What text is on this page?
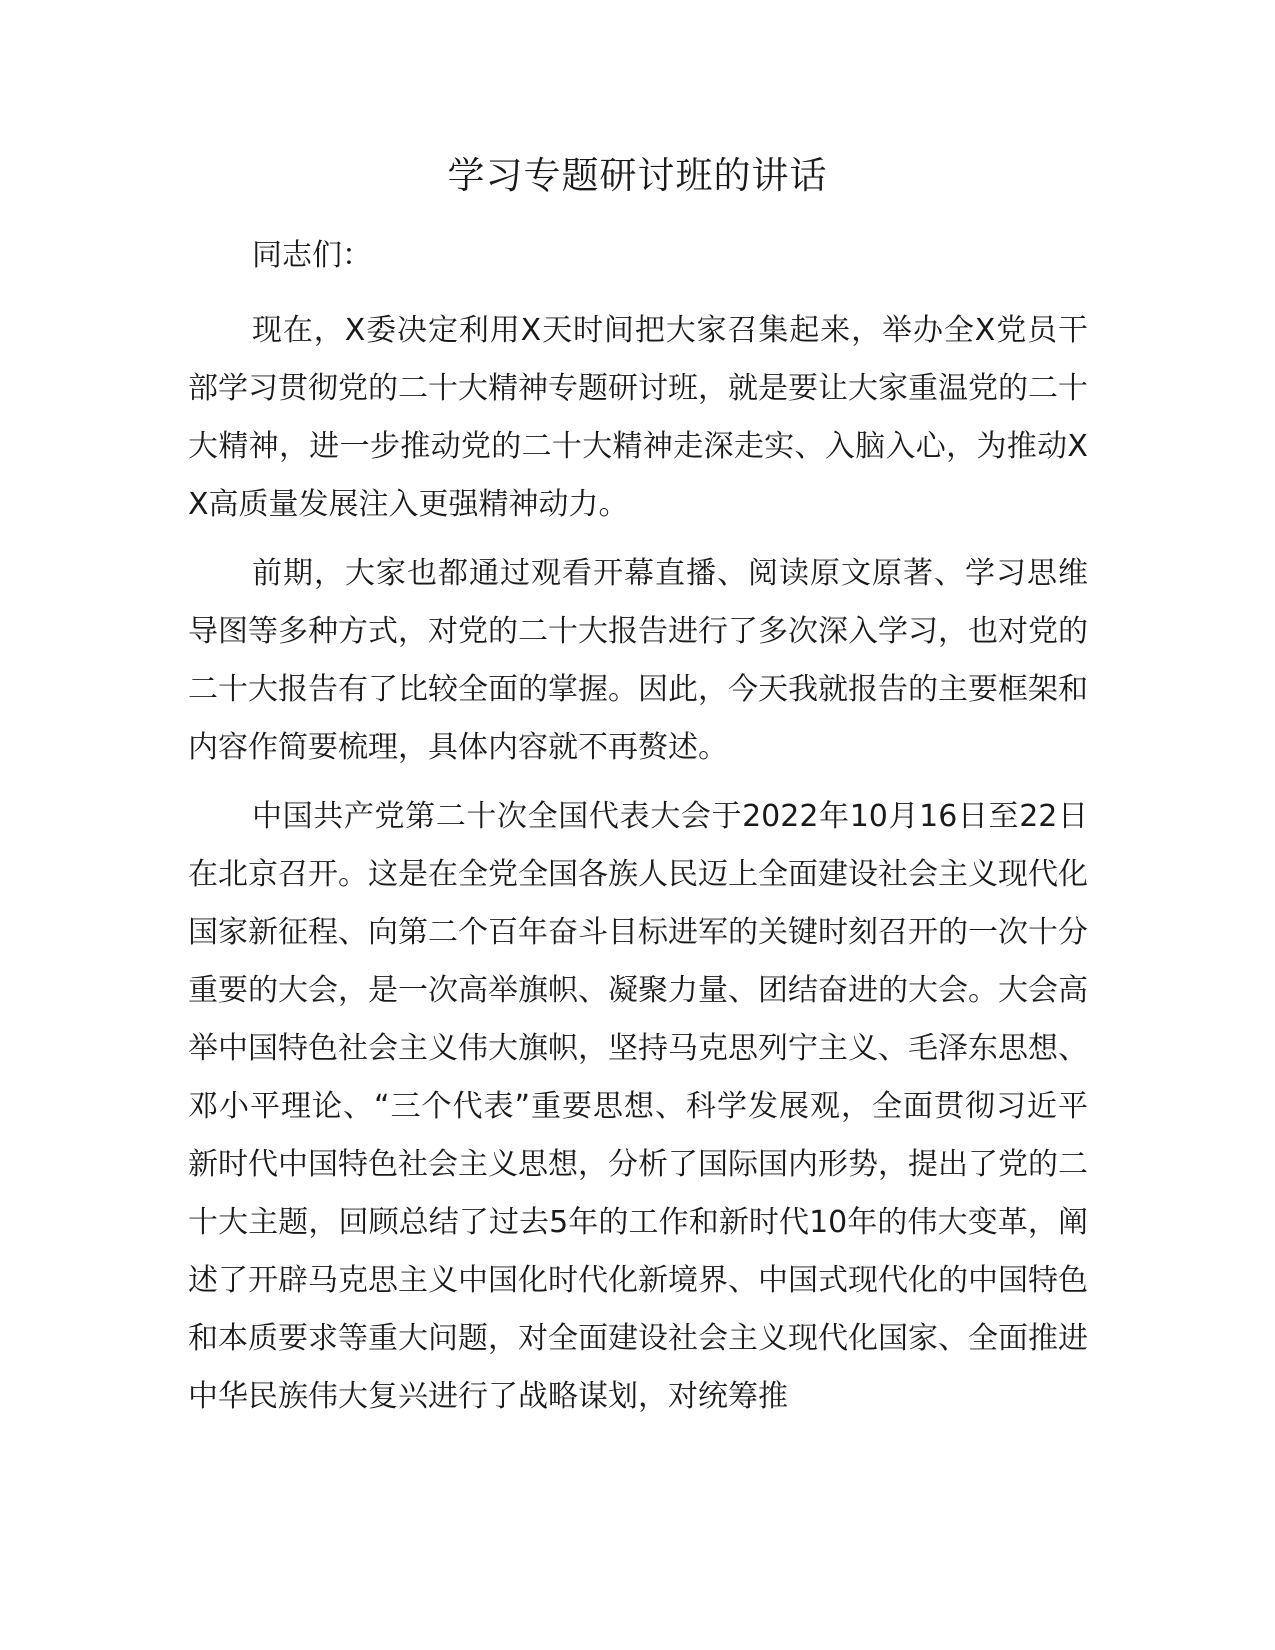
学习专题研讨班的讲话

同志们：

现在，X委决定利用X天时间把大家召集起来，举办全X党员干部学习贯彻党的二十大精神专题研讨班，就是要让大家重温党的二十大精神，进一步推动党的二十大精神走深走实、入脑入心，为推动XX高质量发展注入更强精神动力。

前期，大家也都通过观看开幕直播、阅读原文原著、学习思维导图等多种方式，对党的二十大报告进行了多次深入学习，也对党的二十大报告有了比较全面的掌握。因此，今天我就报告的主要框架和内容作简要梳理，具体内容就不再赘述。

中国共产党第二十次全国代表大会于2022年10月16日至22日在北京召开。这是在全党全国各族人民迈上全面建设社会主义现代化国家新征程、向第二个百年奋斗目标进军的关键时刻召开的一次十分重要的大会，是一次高举旗帜、凝聚力量、团结奋进的大会。大会高举中国特色社会主义伟大旗帜，坚持马克思列宁主义、毛泽东思想、邓小平理论、“三个代表”重要思想、科学发展观，全面贯彻习近平新时代中国特色社会主义思想，分析了国际国内形势，提出了党的二十大主题，回顾总结了过去5年的工作和新时代10年的伟大变革，阐述了开辟马克思主义中国化时代化新境界、中国式现代化的中国特色和本质要求等重大问题，对全面建设社会主义现代化国家、全面推进中华民族伟大复兴进行了战略谋划，对统筹推
